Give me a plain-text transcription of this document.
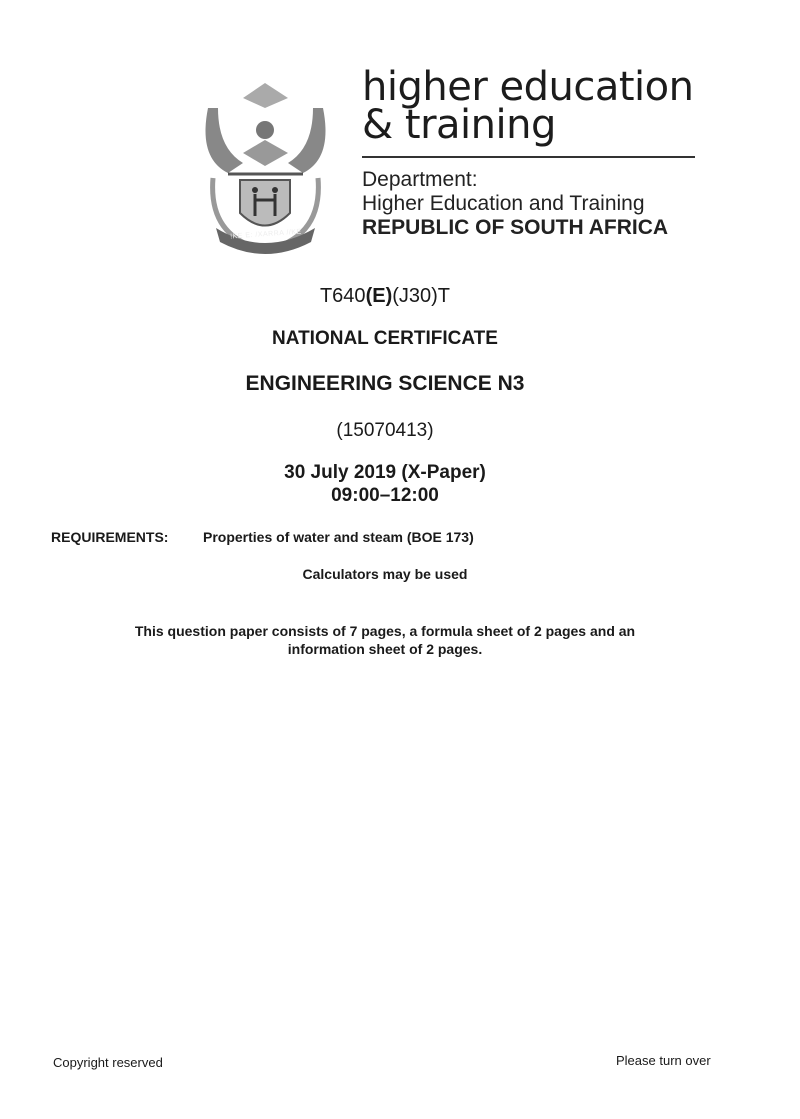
!KE E: /XARRA //KE
higher education
& training
Department:
Higher Education and Training
REPUBLIC OF SOUTH AFRICA
T640(E)(J30)T
NATIONAL CERTIFICATE
ENGINEERING SCIENCE N3
(15070413)
30 July 2019 (X-Paper)
09:00–12:00
REQUIREMENTS: Properties of water and steam (BOE 173)
Calculators may be used
This question paper consists of 7 pages, a formula sheet of 2 pages and an
information sheet of 2 pages.
Copyright reserved	Please turn over
